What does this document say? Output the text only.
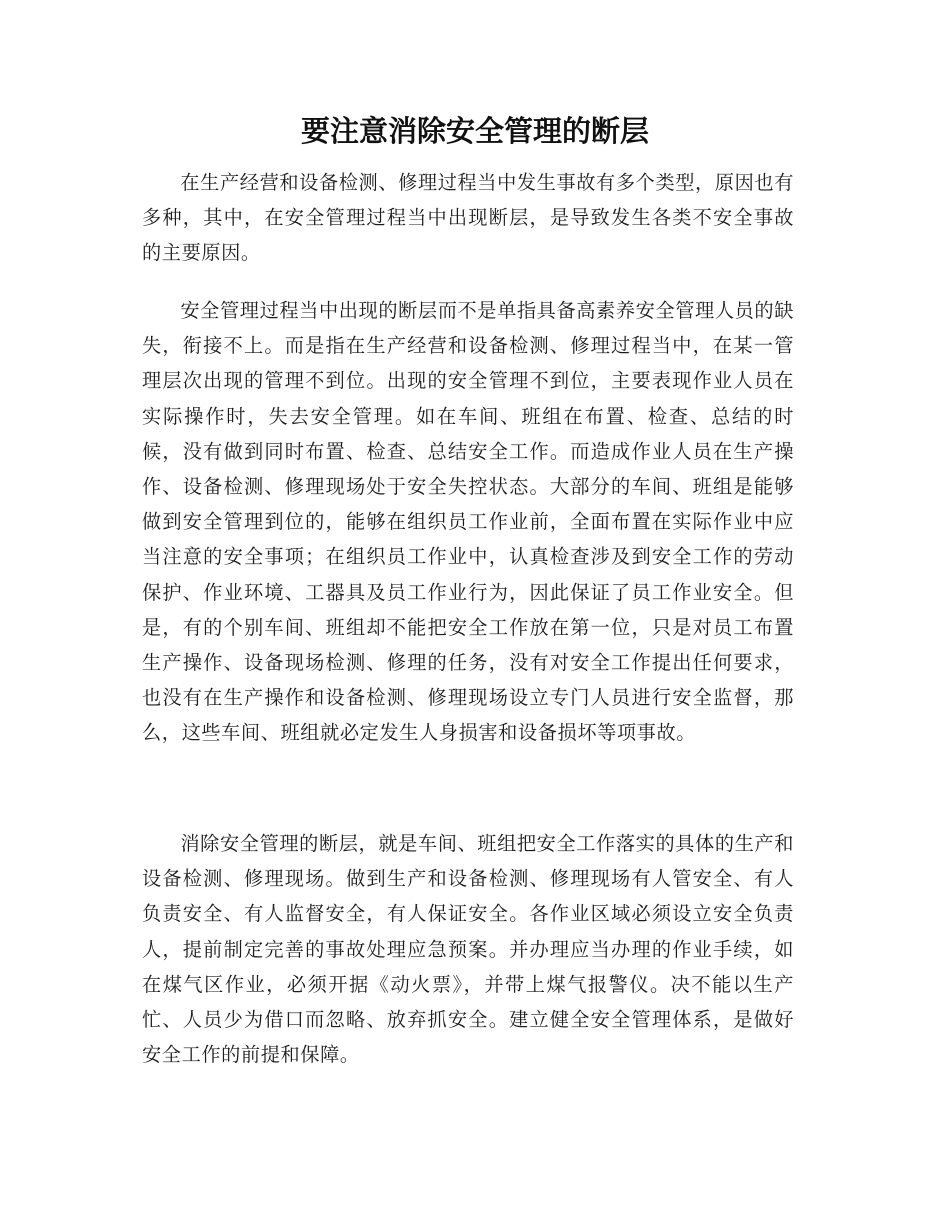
要注意消除安全管理的断层

在生产经营和设备检测、修理过程当中发生事故有多个类型，原因也有多种，其中，在安全管理过程当中出现断层，是导致发生各类不安全事故的主要原因。

安全管理过程当中出现的断层而不是单指具备高素养安全管理人员的缺失，衔接不上。而是指在生产经营和设备检测、修理过程当中，在某一管理层次出现的管理不到位。出现的安全管理不到位，主要表现作业人员在实际操作时，失去安全管理。如在车间、班组在布置、检查、总结的时候，没有做到同时布置、检查、总结安全工作。而造成作业人员在生产操作、设备检测、修理现场处于安全失控状态。大部分的车间、班组是能够做到安全管理到位的，能够在组织员工作业前，全面布置在实际作业中应当注意的安全事项；在组织员工作业中，认真检查涉及到安全工作的劳动保护、作业环境、工器具及员工作业行为，因此保证了员工作业安全。但是，有的个别车间、班组却不能把安全工作放在第一位，只是对员工布置生产操作、设备现场检测、修理的任务，没有对安全工作提出任何要求，也没有在生产操作和设备检测、修理现场设立专门人员进行安全监督，那么，这些车间、班组就必定发生人身损害和设备损坏等项事故。

消除安全管理的断层，就是车间、班组把安全工作落实的具体的生产和设备检测、修理现场。做到生产和设备检测、修理现场有人管安全、有人负责安全、有人监督安全，有人保证安全。各作业区域必须设立安全负责人，提前制定完善的事故处理应急预案。并办理应当办理的作业手续，如在煤气区作业，必须开据《动火票》，并带上煤气报警仪。决不能以生产忙、人员少为借口而忽略、放弃抓安全。建立健全安全管理体系，是做好安全工作的前提和保障。
